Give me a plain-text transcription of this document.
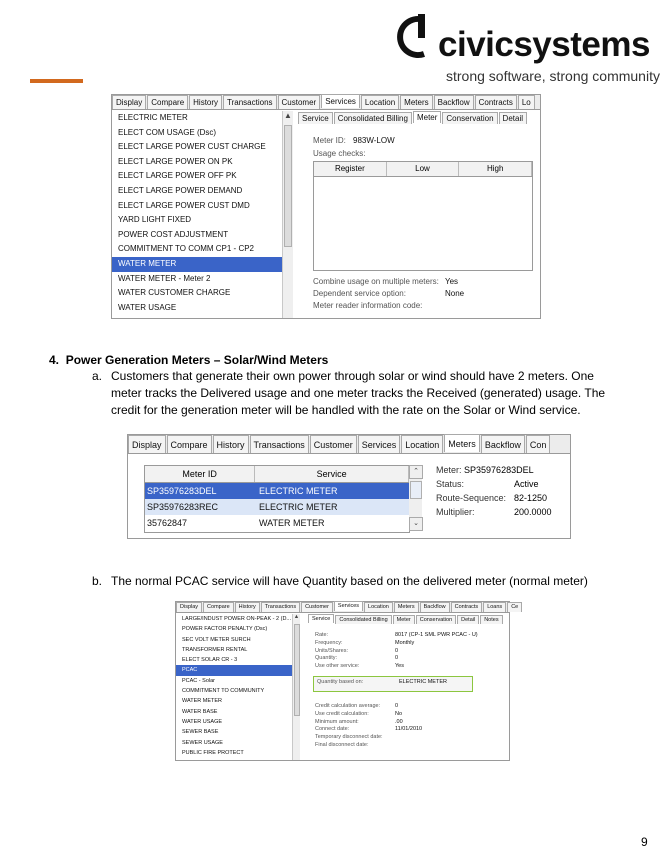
civicsystems
strong software, strong community
Display	Compare	History	Transactions	Customer	Services	Location	Meters	Backflow	Contracts	Lo
ELECTRIC METER
ELECT COM USAGE (Dsc)
ELECT LARGE POWER CUST CHARGE
ELECT LARGE POWER ON PK
ELECT LARGE POWER OFF PK
ELECT LARGE POWER DEMAND
ELECT LARGE POWER CUST DMD
YARD LIGHT FIXED
POWER COST ADJUSTMENT
COMMITMENT TO COMM CP1 - CP2
WATER METER
WATER METER - Meter 2
WATER CUSTOMER CHARGE
WATER USAGE
▲	Service	Consolidated Billing	Meter	Conservation	Detail
Meter ID: 983W-LOW
Usage checks:
Register	Low	High
Combine usage on multiple meters: Yes
Dependent service option:	None
Meter reader information code:
4. Power Generation Meters – Solar/Wind Meters
a. Customers that generate their own power through solar or wind should have 2 meters. One
meter tracks the Delivered usage and one meter tracks the Received (generated) usage. The
credit for the generation meter will be handled with the rate on the Solar or Wind service.
Display	Compare	History	Transactions	Customer	Services	Location	Meters	Backflow	Con
Meter ID	Service
SP35976283DEL	ELECTRIC METER
SP35976283REC	ELECTRIC METER
35762847	WATER METER
⌃
⌄
Meter: SP35976283DEL
Status:	Active
Route-Sequence: 82-1250
Multiplier:	200.0000
b. The normal PCAC service will have Quantity based on the delivered meter (normal meter)
Display	Compare	History	Transactions	Customer	Services	Location	Meters	Backflow	Contracts	Loans	Ce
LARGE/INDUST POWER ON-PEAK - 2 (D...
POWER FACTOR PENALTY (Dsc)
SEC VOLT METER SURCH
TRANSFORMER RENTAL
ELECT SOLAR CR - 3
PCAC
PCAC - Solar
COMMITMENT TO COMMUNITY
WATER METER
WATER BASE
WATER USAGE
SEWER BASE
SEWER USAGE
PUBLIC FIRE PROTECT
▲	Service	Consolidated Billing	Meter	Conservation	Detail	Notes
Rate:	8017 (CP-1 SML PWR PCAC - U)
Frequency:	Monthly
Units/Shares:	0
Quantity:	0
Use other service:	Yes
Quantity based on:	ELECTRIC METER
Credit calculation average:	0
Use credit calculation:	No
Minimum amount:	.00
Connect date:	11/01/2010
Temporary disconnect date:
Final disconnect date:
9
